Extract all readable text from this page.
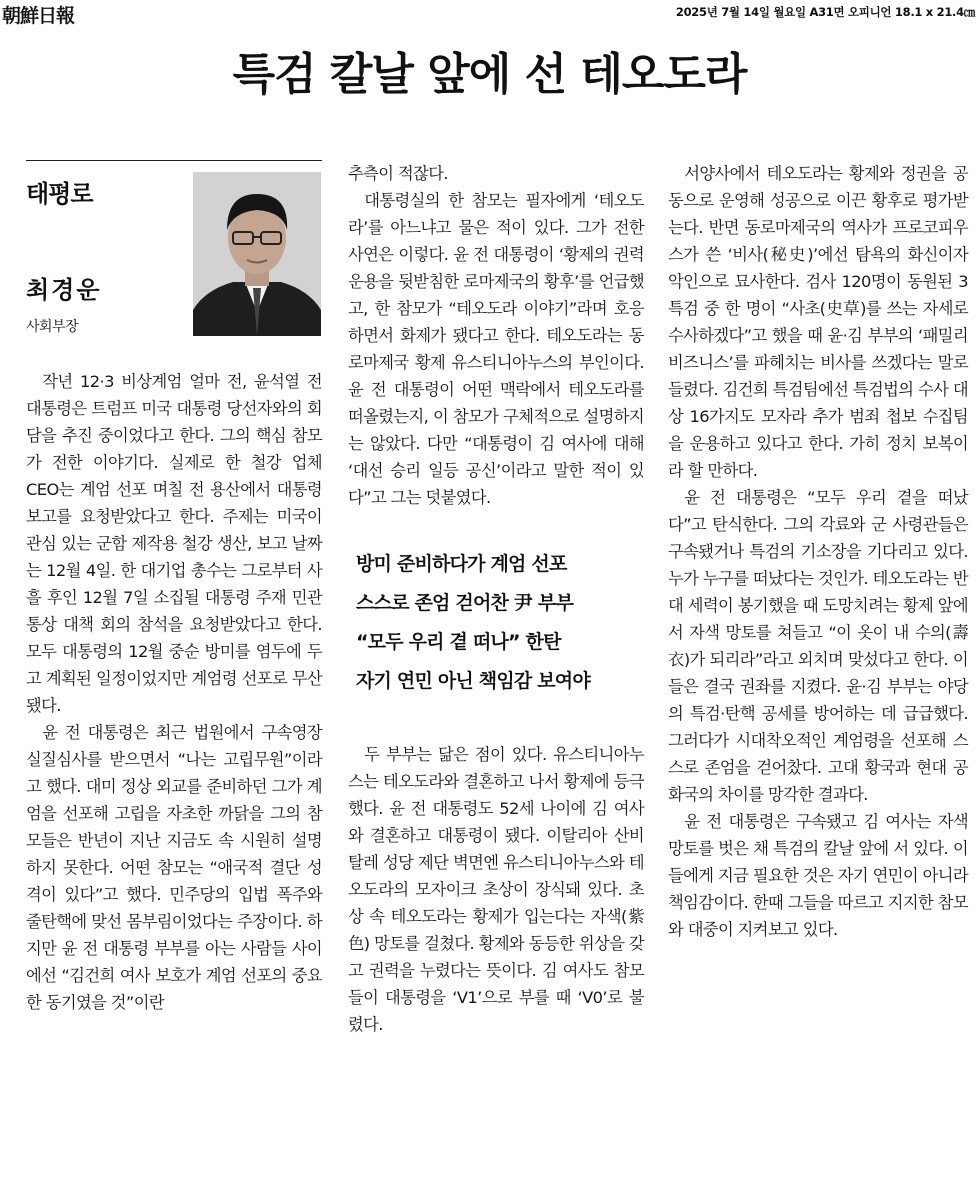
朝鮮日報	2025년 7월 14일 월요일 A31면 오피니언 18.1 x 21.4㎝
특검 칼날 앞에 선 테오도라
태평로
최경운
사회부장

작년 12·3 비상계엄 얼마 전, 윤석열 전 대통령은 트럼프 미국 대통령 당선자와의 회담을 추진 중이었다고 한다. 그의 핵심 참모가 전한 이야기다. 실제로 한 철강 업체 CEO는 계엄 선포 며칠 전 용산에서 대통령 보고를 요청받았다고 한다. 주제는 미국이 관심 있는 군함 제작용 철강 생산, 보고 날짜는 12월 4일. 한 대기업 총수는 그로부터 사흘 후인 12월 7일 소집될 대통령 주재 민관 통상 대책 회의 참석을 요청받았다고 한다. 모두 대통령의 12월 중순 방미를 염두에 두고 계획된 일정이었지만 계엄령 선포로 무산됐다.

윤 전 대통령은 최근 법원에서 구속영장 실질심사를 받으면서 “나는 고립무원”이라고 했다. 대미 정상 외교를 준비하던 그가 계엄을 선포해 고립을 자초한 까닭을 그의 참모들은 반년이 지난 지금도 속 시원히 설명하지 못한다. 어떤 참모는 “애국적 결단 성격이 있다”고 했다. 민주당의 입법 폭주와 줄탄핵에 맞선 몸부림이었다는 주장이다. 하지만 윤 전 대통령 부부를 아는 사람들 사이에선 “김건희 여사 보호가 계엄 선포의 중요한 동기였을 것”이란

추측이 적잖다.

대통령실의 한 참모는 필자에게 ‘테오도라’를 아느냐고 물은 적이 있다. 그가 전한 사연은 이렇다. 윤 전 대통령이 ‘황제의 권력 운용을 뒷받침한 로마제국의 황후’를 언급했고, 한 참모가 “테오도라 이야기”라며 호응하면서 화제가 됐다고 한다. 테오도라는 동로마제국 황제 유스티니아누스의 부인이다. 윤 전 대통령이 어떤 맥락에서 테오도라를 떠올렸는지, 이 참모가 구체적으로 설명하지는 않았다. 다만 “대통령이 김 여사에 대해 ‘대선 승리 일등 공신’이라고 말한 적이 있다”고 그는 덧붙였다.

방미 준비하다가 계엄 선포
스스로 존엄 걷어찬 尹 부부
“모두 우리 곁 떠나” 한탄
자기 연민 아닌 책임감 보여야

두 부부는 닮은 점이 있다. 유스티니아누스는 테오도라와 결혼하고 나서 황제에 등극했다. 윤 전 대통령도 52세 나이에 김 여사와 결혼하고 대통령이 됐다. 이탈리아 산비탈레 성당 제단 벽면엔 유스티니아누스와 테오도라의 모자이크 초상이 장식돼 있다. 초상 속 테오도라는 황제가 입는다는 자색(紫色) 망토를 걸쳤다. 황제와 동등한 위상을 갖고 권력을 누렸다는 뜻이다. 김 여사도 참모들이 대통령을 ‘V1’으로 부를 때 ‘V0’로 불렸다.

서양사에서 테오도라는 황제와 정권을 공동으로 운영해 성공으로 이끈 황후로 평가받는다. 반면 동로마제국의 역사가 프로코피우스가 쓴 ‘비사(秘史)’에선 탐욕의 화신이자 악인으로 묘사한다. 검사 120명이 동원된 3특검 중 한 명이 “사초(史草)를 쓰는 자세로 수사하겠다”고 했을 때 윤·김 부부의 ‘패밀리 비즈니스’를 파헤치는 비사를 쓰겠다는 말로 들렸다. 김건희 특검팀에선 특검법의 수사 대상 16가지도 모자라 추가 범죄 첩보 수집팀을 운용하고 있다고 한다. 가히 정치 보복이라 할 만하다.

윤 전 대통령은 “모두 우리 곁을 떠났다”고 탄식한다. 그의 각료와 군 사령관들은 구속됐거나 특검의 기소장을 기다리고 있다. 누가 누구를 떠났다는 것인가. 테오도라는 반대 세력이 봉기했을 때 도망치려는 황제 앞에서 자색 망토를 쳐들고 “이 옷이 내 수의(壽衣)가 되리라”라고 외치며 맞섰다고 한다. 이들은 결국 권좌를 지켰다. 윤·김 부부는 야당의 특검·탄핵 공세를 방어하는 데 급급했다. 그러다가 시대착오적인 계엄령을 선포해 스스로 존엄을 걷어찼다. 고대 황국과 현대 공화국의 차이를 망각한 결과다.

윤 전 대통령은 구속됐고 김 여사는 자색 망토를 벗은 채 특검의 칼날 앞에 서 있다. 이들에게 지금 필요한 것은 자기 연민이 아니라 책임감이다. 한때 그들을 따르고 지지한 참모와 대중이 지켜보고 있다.
